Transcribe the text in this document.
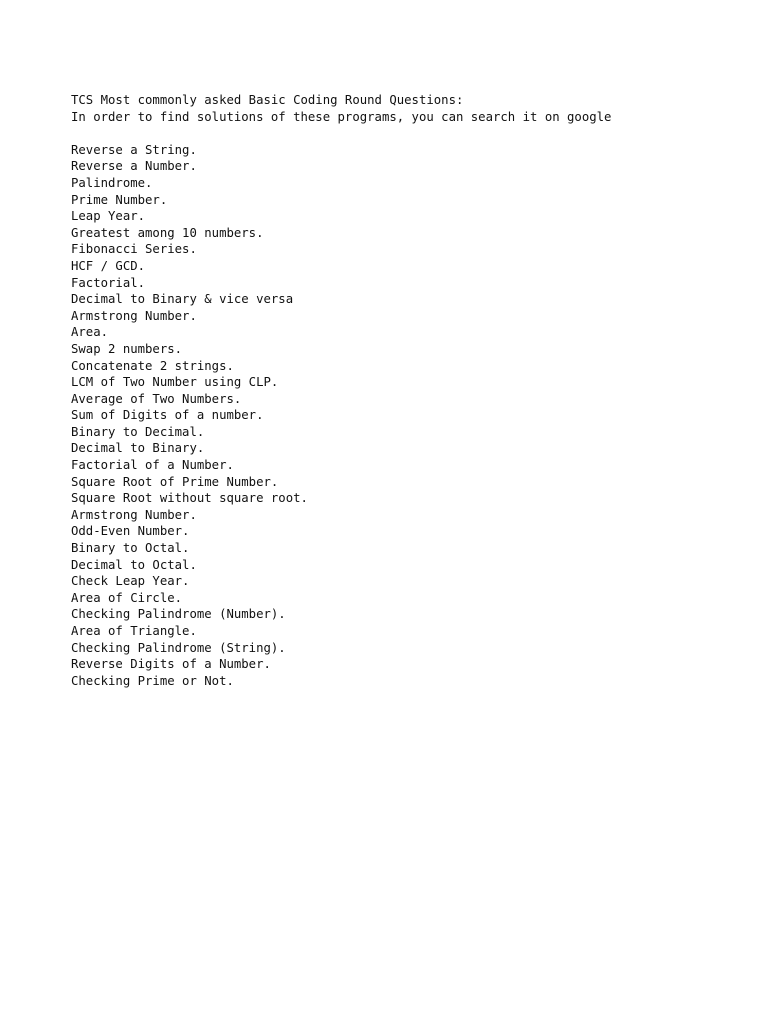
TCS Most commonly asked Basic Coding Round Questions:
In order to find solutions of these programs, you can search it on google
Reverse a String.
Reverse a Number.
Palindrome.
Prime Number.
Leap Year.
Greatest among 10 numbers.
Fibonacci Series.
HCF / GCD.
Factorial.
Decimal to Binary & vice versa
Armstrong Number.
Area.
Swap 2 numbers.
Concatenate 2 strings.
LCM of Two Number using CLP.
Average of Two Numbers.
Sum of Digits of a number.
Binary to Decimal.
Decimal to Binary.
Factorial of a Number.
Square Root of Prime Number.
Square Root without square root.
Armstrong Number.
Odd-Even Number.
Binary to Octal.
Decimal to Octal.
Check Leap Year.
Area of Circle.
Checking Palindrome (Number).
Area of Triangle.
Checking Palindrome (String).
Reverse Digits of a Number.
Checking Prime or Not.
